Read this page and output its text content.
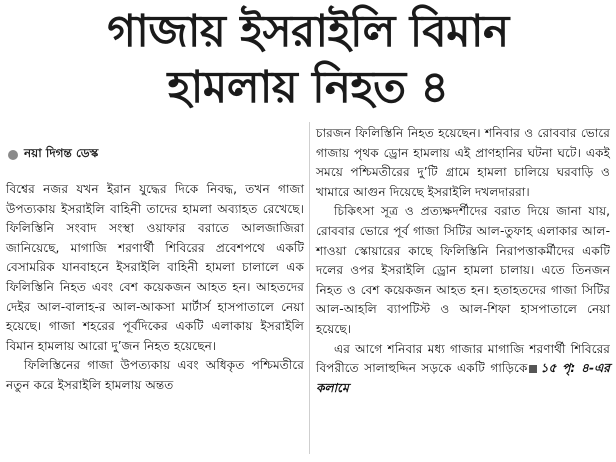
গাজায় ইসরাইলি বিমান
হামলায় নিহত ৪
নয়া দিগন্ত ডেস্ক

বিশ্বের নজর যখন ইরান যুদ্ধের দিকে নিবদ্ধ, তখন গাজা উপত্যকায় ইসরাইলি বাহিনী তাদের হামলা অব্যাহত রেখেছে। ফিলিস্তিনি সংবাদ সংস্থা ওয়াফার বরাতে আলজাজিরা জানিয়েছে, মাগাজি শরণার্থী শিবিরের প্রবেশপথে একটি বেসামরিক যানবাহনে ইসরাইলি বাহিনী হামলা চালালে এক ফিলিস্তিনি নিহত এবং বেশ কয়েকজন আহত হন। আহতদের দেইর আল-বালাহ-র আল-আকসা মার্টার্স হাসপাতালে নেয়া হয়েছে। গাজা শহরের পূর্বদিকের একটি এলাকায় ইসরাইলি বিমান হামলায় আরো দু’জন নিহত হয়েছেন।

ফিলিস্তিনের গাজা উপত্যকায় এবং অধিকৃত পশ্চিমতীরে নতুন করে ইসরাইলি হামলায় অন্তত

চারজন ফিলিস্তিনি নিহত হয়েছেন। শনিবার ও রোববার ভোরে গাজায় পৃথক ড্রোন হামলায় এই প্রাণহানির ঘটনা ঘটে। একই সময়ে পশ্চিমতীরের দু’টি গ্রামে হামলা চালিয়ে ঘরবাড়ি ও খামারে আগুন দিয়েছে ইসরাইলি দখলদাররা।

চিকিৎসা সূত্র ও প্রত্যক্ষদর্শীদের বরাত দিয়ে জানা যায়, রোববার ভোরে পূর্ব গাজা সিটির আল-তুফাহ এলাকার আল-শাওয়া স্কোয়ারের কাছে ফিলিস্তিনি নিরাপত্তাকর্মীদের একটি দলের ওপর ইসরাইলি ড্রোন হামলা চালায়। এতে তিনজন নিহত ও বেশ কয়েকজন আহত হন। হতাহতদের গাজা সিটির আল-আহলি ব্যাপটিস্ট ও আল-শিফা হাসপাতালে নেয়া হয়েছে।

এর আগে শনিবার মধ্য গাজার মাগাজি শরণার্থী শিবিরের বিপরীতে সালাহুদ্দিন সড়কে একটি গাড়িকে ১৫ পৃ: ৪-এর কলামে
